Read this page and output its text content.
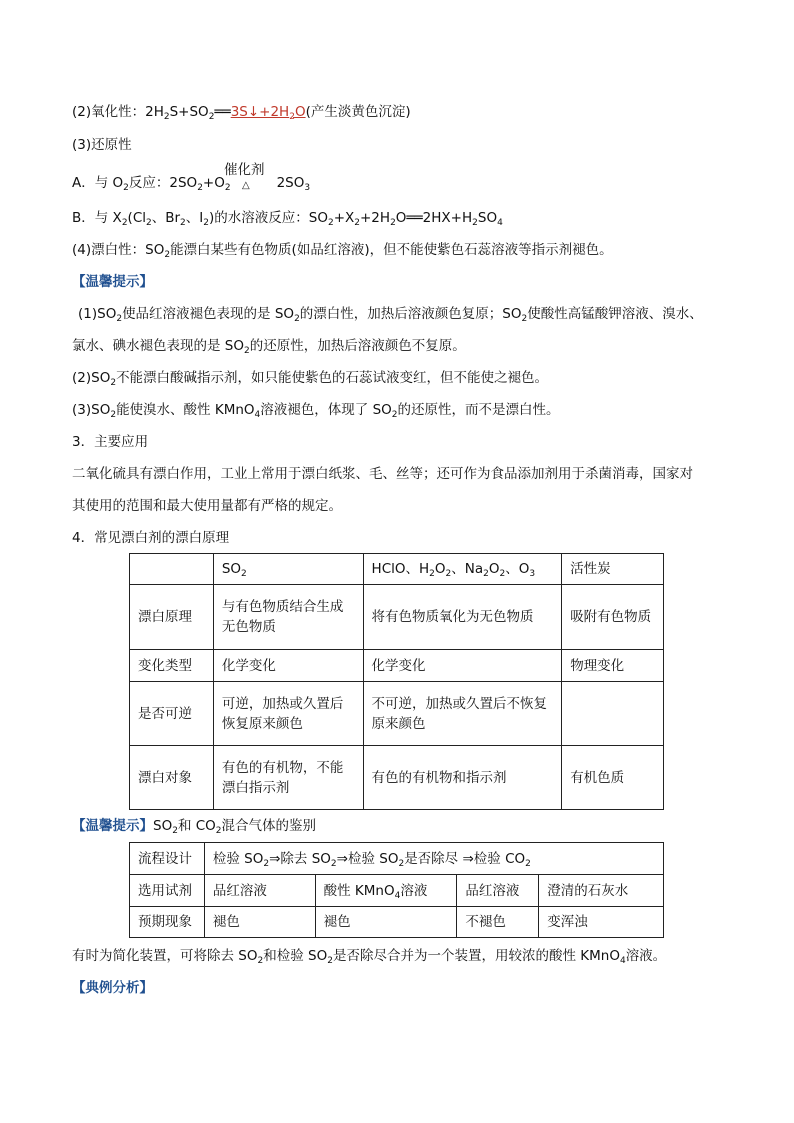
(2)氧化性：$2H_2S+SO_2══3S↓+2H_2O$(产生淡黄色沉淀)
(3)还原性
催化剂
△
A．与 $O_2$反应：$2SO_2+O_2$	$2SO_3$
B．与 $X_2(Cl_2$、$Br_2$、$I_2$)的水溶液反应：$SO_2+X_2+2H_2O══2HX+H_2SO_4$
(4)漂白性：$SO_2$能漂白某些有色物质(如品红溶液)，但不能使紫色石蕊溶液等指示剂褪色。
【温馨提示】
$(1)SO_2$使品红溶液褪色表现的是 $SO_2$的漂白性，加热后溶液颜色复原；$SO_2$使酸性高锰酸钾溶液、溴水、
氯水、碘水褪色表现的是 $SO_2$的还原性，加热后溶液颜色不复原。
$(2)SO_2$不能漂白酸碱指示剂，如只能使紫色的石蕊试液变红，但不能使之褪色。
$(3)SO_2$能使溴水、酸性 KMnO$_4$溶液褪色，体现了 $SO_2$的还原性，而不是漂白性。
3．主要应用
二氧化硫具有漂白作用，工业上常用于漂白纸浆、毛、丝等；还可作为食品添加剂用于杀菌消毒，国家对
其使用的范围和最大使用量都有严格的规定。
4．常见漂白剂的漂白原理
	$SO_2$	HClO、$H_2O_2$、$Na_2O_2$、$O_3$	活性炭
漂白原理	与有色物质结合生成无色物质	将有色物质氧化为无色物质	吸附有色物质
变化类型	化学变化	化学变化	物理变化
是否可逆	可逆，加热或久置后恢复原来颜色	不可逆，加热或久置后不恢复原来颜色	
漂白对象	有色的有机物，不能漂白指示剂	有色的有机物和指示剂	有机色质
【温馨提示】$SO_2$和 $CO_2$混合气体的鉴别
流程设计	检验 $SO_2\Rightarrow$除去 $SO_2\Rightarrow$检验 $SO_2$是否除尽 ⇒检验 $CO_2$
选用试剂	品红溶液	酸性 KMnO$_4$溶液	品红溶液	澄清的石灰水
预期现象	褪色	褪色	不褪色	变浑浊
有时为简化装置，可将除去 $SO_2$和检验 $SO_2$是否除尽合并为一个装置，用较浓的酸性 KMnO$_4$溶液。
【典例分析】
